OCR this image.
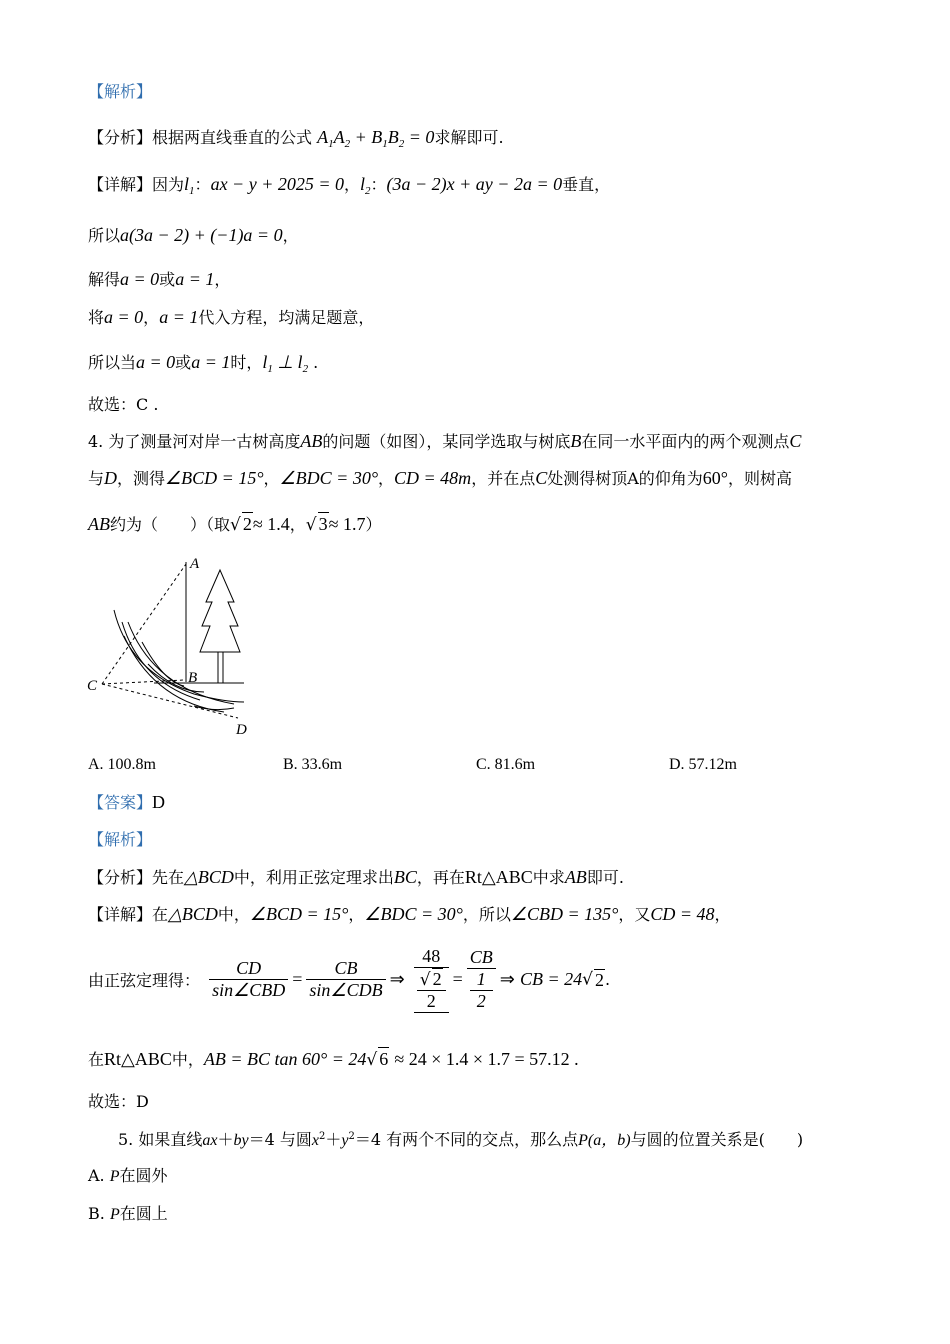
【解析】
【分析】根据两直线垂直的公式 $A_1A_2 + B_1B_2 = 0$求解即可.
【详解】因为$l_1$：ax − y + 2025 = 0，$l_2$：(3a − 2)x + ay − 2a = 0垂直，
所以a(3a − 2) + (−1)a = 0，
解得a = 0或a = 1，
将a = 0，a = 1代入方程，均满足题意，
所以当a = 0或a = 1时，$l_1$ ⊥ $l_2$ .
故选：C .
4. 为了测量河对岸一古树高度AB的问题（如图），某同学选取与树底B在同一水平面内的两个观测点C
与D，测得∠BCD = 15°，∠BDC = 30°，CD = 48m，并在点C处测得树顶A的仰角为60°，则树高
AB约为（　　）（取√ 2≈ 1.4，√ 3≈ 1.7）
A
B
C
D
A. 100.8m	B. 33.6m	C. 81.6m	D. 57.12m
【答案】D
【解析】
【分析】先在△BCD中，利用正弦定理求出BC，再在Rt△ABC中求AB即可.
【详解】在△BCD中，∠BCD = 15°，∠BDC = 30°，所以∠CBD = 135°，又CD = 48，
由正弦定理得： $\frac{CD}{\text{sin∠CBD}} = \frac{CB}{\text{sin∠CDB}}$ ⇒ $\frac{48}{\frac{√ 2}{2}}$ = CB
1
2 ⇒ CB = 24√ 2.
在Rt△ABC中，AB = BC tan 60° = 24√ 6 ≈ 24 × 1.4 × 1.7 = 57.12 .
故选：D
5. 如果直线ax＋by＝4 与圆$x^2+y^2=4$ 有两个不同的交点，那么点P(a，b)与圆的位置关系是(　　)
A. P在圆外
B. P在圆上
